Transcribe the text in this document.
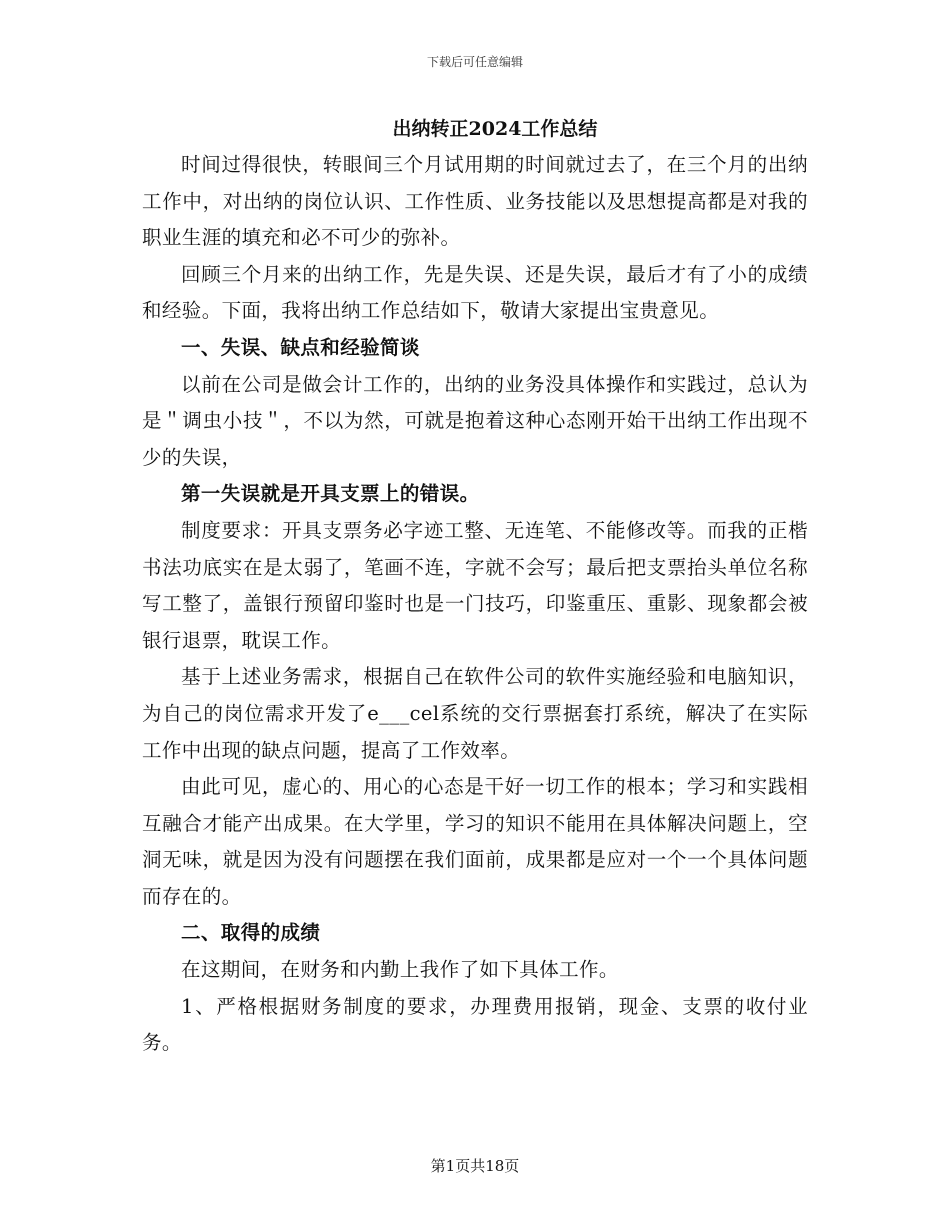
下载后可任意编辑
出纳转正2024工作总结

时间过得很快，转眼间三个月试用期的时间就过去了，在三个月的出纳工作中，对出纳的岗位认识、工作性质、业务技能以及思想提高都是对我的职业生涯的填充和必不可少的弥补。

回顾三个月来的出纳工作，先是失误、还是失误，最后才有了小的成绩和经验。下面，我将出纳工作总结如下，敬请大家提出宝贵意见。

一、失误、缺点和经验简谈

以前在公司是做会计工作的，出纳的业务没具体操作和实践过，总认为是＂调虫小技＂，不以为然，可就是抱着这种心态刚开始干出纳工作出现不少的失误，

第一失误就是开具支票上的错误。

制度要求：开具支票务必字迹工整、无连笔、不能修改等。而我的正楷书法功底实在是太弱了，笔画不连，字就不会写；最后把支票抬头单位名称写工整了，盖银行预留印鉴时也是一门技巧，印鉴重压、重影、现象都会被银行退票，耽误工作。

基于上述业务需求，根据自己在软件公司的软件实施经验和电脑知识，为自己的岗位需求开发了e___cel系统的交行票据套打系统，解决了在实际工作中出现的缺点问题，提高了工作效率。

由此可见，虚心的、用心的心态是干好一切工作的根本；学习和实践相互融合才能产出成果。在大学里，学习的知识不能用在具体解决问题上，空洞无味，就是因为没有问题摆在我们面前，成果都是应对一个一个具体问题而存在的。

二、取得的成绩

在这期间，在财务和内勤上我作了如下具体工作。

1、严格根据财务制度的要求，办理费用报销，现金、支票的收付业务。

第1页共18页
